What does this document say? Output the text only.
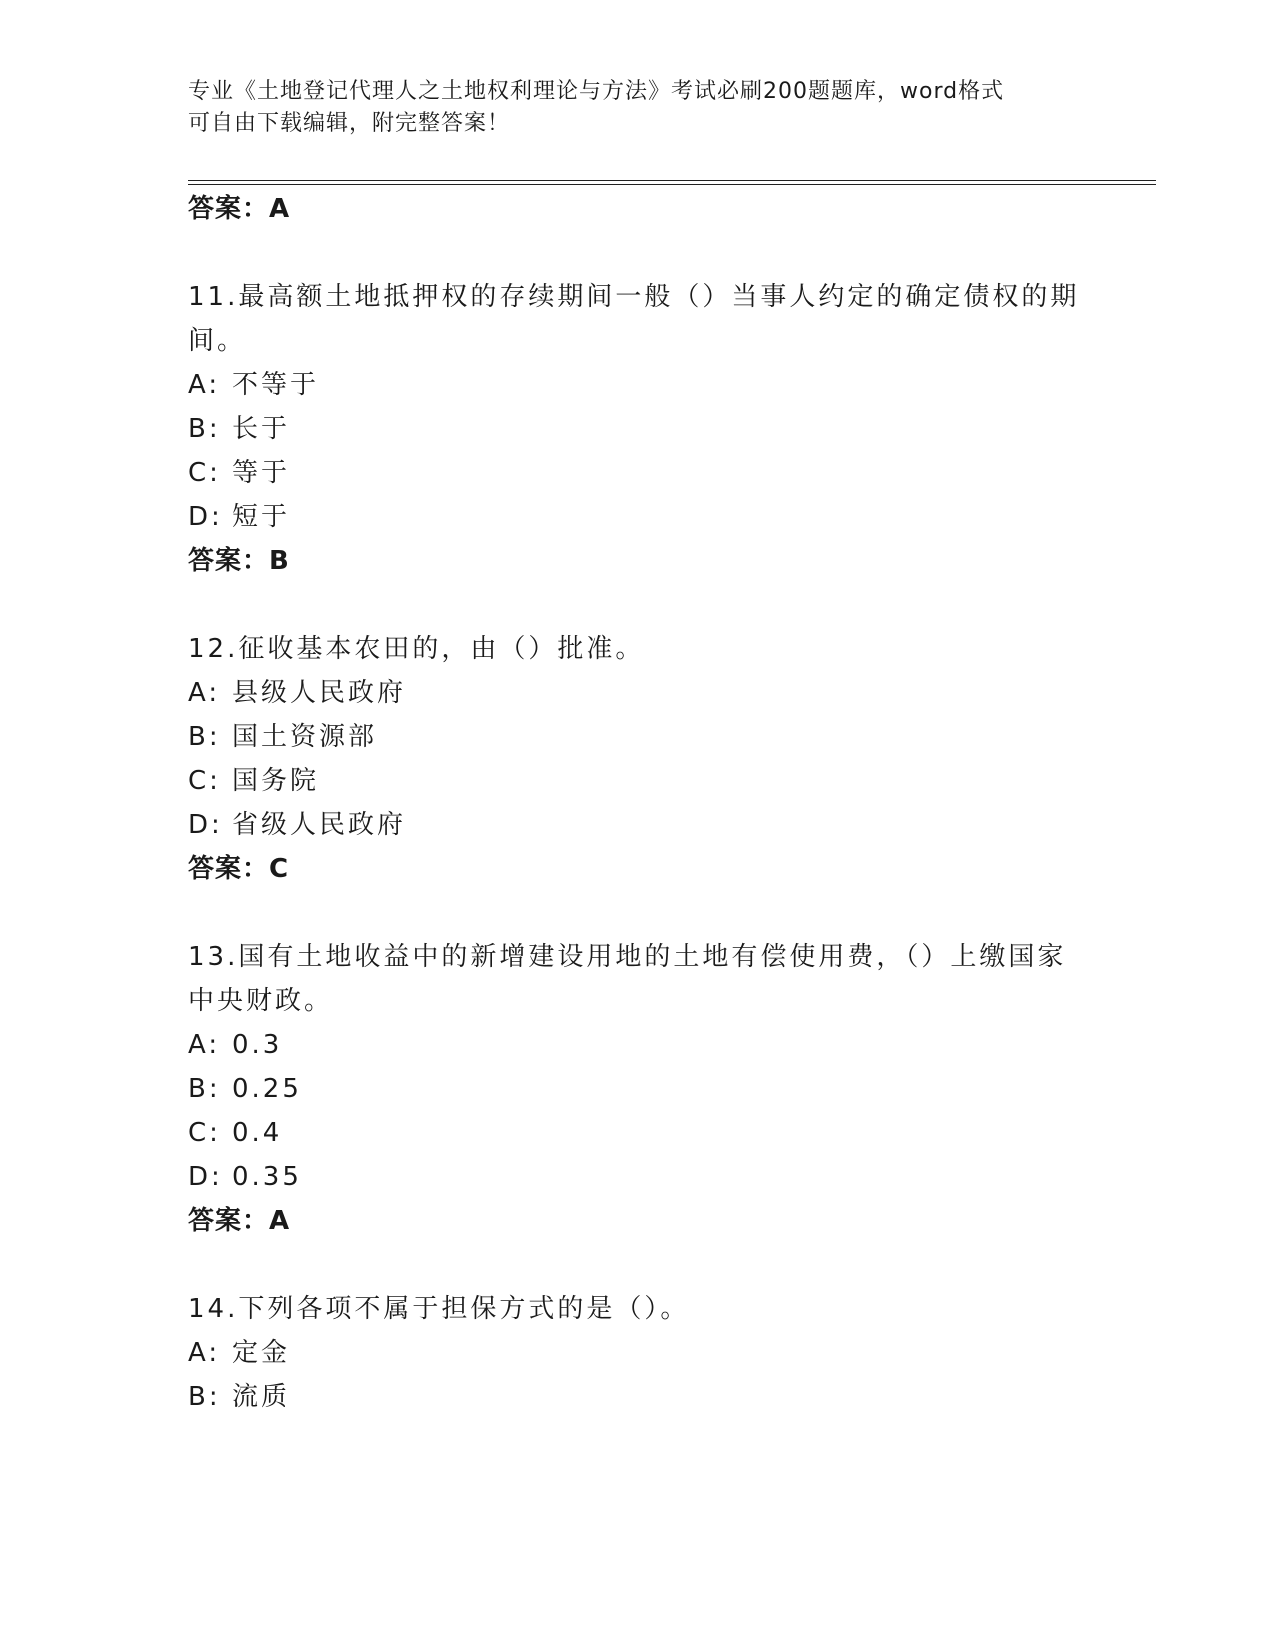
专业《土地登记代理人之土地权利理论与方法》考试必刷200题题库，word格式
可自由下载编辑，附完整答案！
答案：A
11.最高额土地抵押权的存续期间一般（）当事人约定的确定债权的期
间。
A: 不等于
B: 长于
C: 等于
D: 短于
答案：B
12.征收基本农田的，由（）批准。
A: 县级人民政府
B: 国土资源部
C: 国务院
D: 省级人民政府
答案：C
13.国有土地收益中的新增建设用地的土地有偿使用费，（）上缴国家
中央财政。
A: 0.3
B: 0.25
C: 0.4
D: 0.35
答案：A
14.下列各项不属于担保方式的是（）。
A: 定金
B: 流质
